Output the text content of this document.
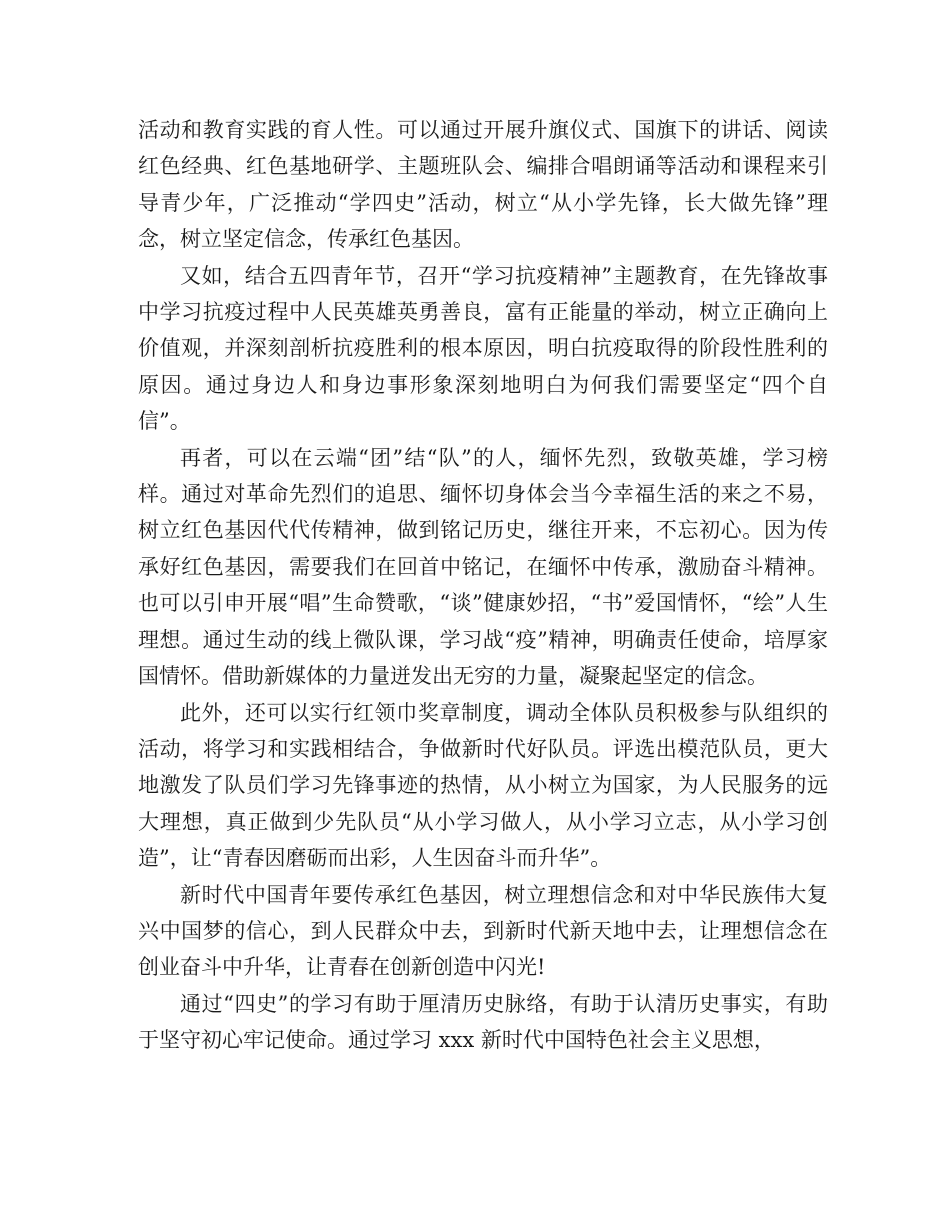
活动和教育实践的育人性。可以通过开展升旗仪式、国旗下的讲话、阅读红色经典、红色基地研学、主题班队会、编排合唱朗诵等活动和课程来引导青少年，广泛推动“学四史”活动，树立“从小学先锋，长大做先锋”理念，树立坚定信念，传承红色基因。

又如，结合五四青年节，召开“学习抗疫精神”主题教育，在先锋故事中学习抗疫过程中人民英雄英勇善良，富有正能量的举动，树立正确向上价值观，并深刻剖析抗疫胜利的根本原因，明白抗疫取得的阶段性胜利的原因。通过身边人和身边事形象深刻地明白为何我们需要坚定“四个自信”。

再者，可以在云端“团”结“队”的人，缅怀先烈，致敬英雄，学习榜样。通过对革命先烈们的追思、缅怀切身体会当今幸福生活的来之不易，树立红色基因代代传精神，做到铭记历史，继往开来，不忘初心。因为传承好红色基因，需要我们在回首中铭记，在缅怀中传承，激励奋斗精神。也可以引申开展“唱”生命赞歌，“谈”健康妙招，“书”爱国情怀，“绘”人生理想。通过生动的线上微队课，学习战“疫”精神，明确责任使命，培厚家国情怀。借助新媒体的力量迸发出无穷的力量，凝聚起坚定的信念。

此外，还可以实行红领巾奖章制度，调动全体队员积极参与队组织的活动，将学习和实践相结合，争做新时代好队员。评选出模范队员，更大地激发了队员们学习先锋事迹的热情，从小树立为国家，为人民服务的远大理想，真正做到少先队员“从小学习做人，从小学习立志，从小学习创造”，让“青春因磨砺而出彩，人生因奋斗而升华”。

新时代中国青年要传承红色基因，树立理想信念和对中华民族伟大复兴中国梦的信心，到人民群众中去，到新时代新天地中去，让理想信念在创业奋斗中升华，让青春在创新创造中闪光!

通过“四史”的学习有助于厘清历史脉络，有助于认清历史事实，有助于坚守初心牢记使命。通过学习 xxx 新时代中国特色社会主义思想，
